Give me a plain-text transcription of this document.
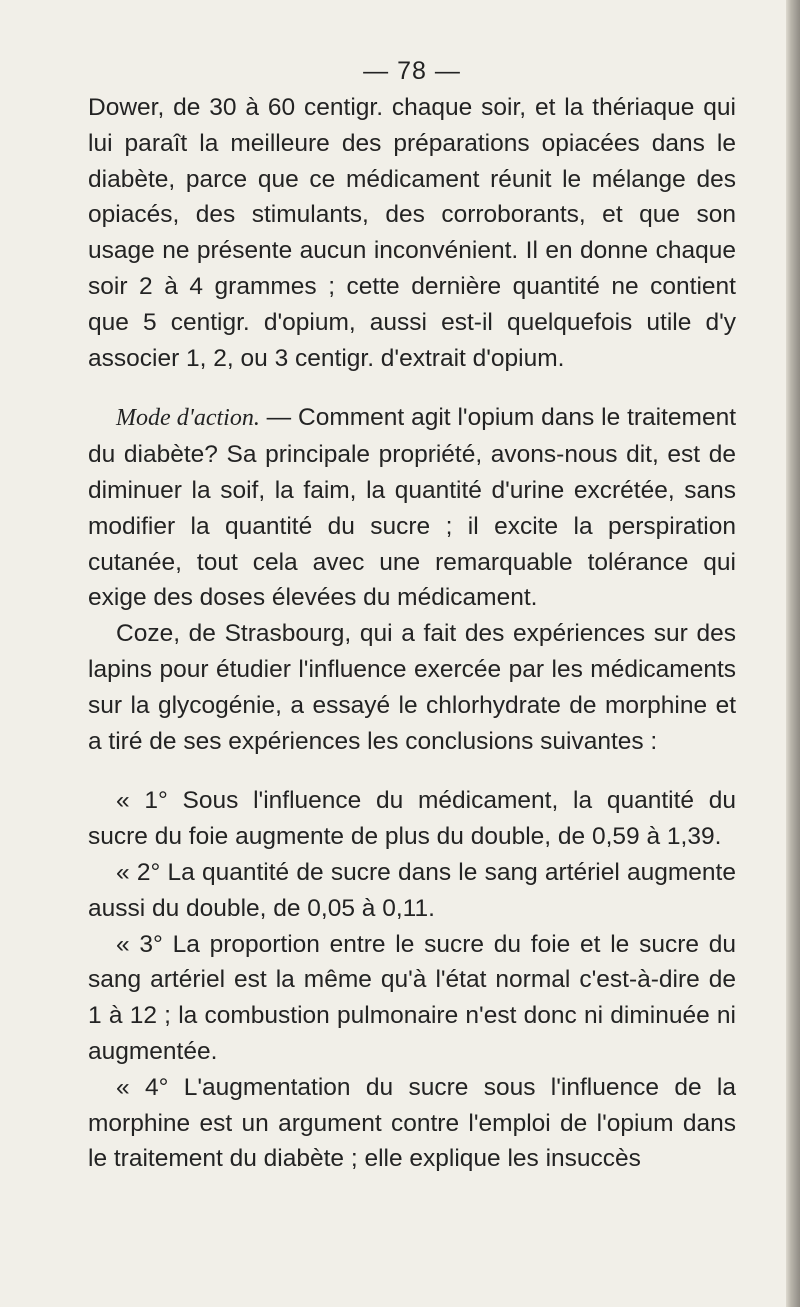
— 78 —

Dower, de 30 à 60 centigr. chaque soir, et la thériaque qui lui paraît la meilleure des préparations opiacées dans le diabète, parce que ce médicament réunit le mélange des opiacés, des stimulants, des corroborants, et que son usage ne présente aucun inconvénient. Il en donne chaque soir 2 à 4 grammes ; cette dernière quantité ne contient que 5 centigr. d'opium, aussi est-il quelquefois utile d'y associer 1, 2, ou 3 centigr. d'extrait d'opium.

Mode d'action. — Comment agit l'opium dans le traitement du diabète? Sa principale propriété, avons-nous dit, est de diminuer la soif, la faim, la quantité d'urine excrétée, sans modifier la quantité du sucre ; il excite la perspiration cutanée, tout cela avec une remarquable tolérance qui exige des doses élevées du médicament.

Coze, de Strasbourg, qui a fait des expériences sur des lapins pour étudier l'influence exercée par les médicaments sur la glycogénie, a essayé le chlorhydrate de morphine et a tiré de ses expériences les conclusions suivantes :

« 1° Sous l'influence du médicament, la quantité du sucre du foie augmente de plus du double, de 0,59 à 1,39.

« 2° La quantité de sucre dans le sang artériel augmente aussi du double, de 0,05 à 0,11.

« 3° La proportion entre le sucre du foie et le sucre du sang artériel est la même qu'à l'état normal c'est-à-dire de 1 à 12 ; la combustion pulmonaire n'est donc ni diminuée ni augmentée.

« 4° L'augmentation du sucre sous l'influence de la morphine est un argument contre l'emploi de l'opium dans le traitement du diabète ; elle explique les insuccès
